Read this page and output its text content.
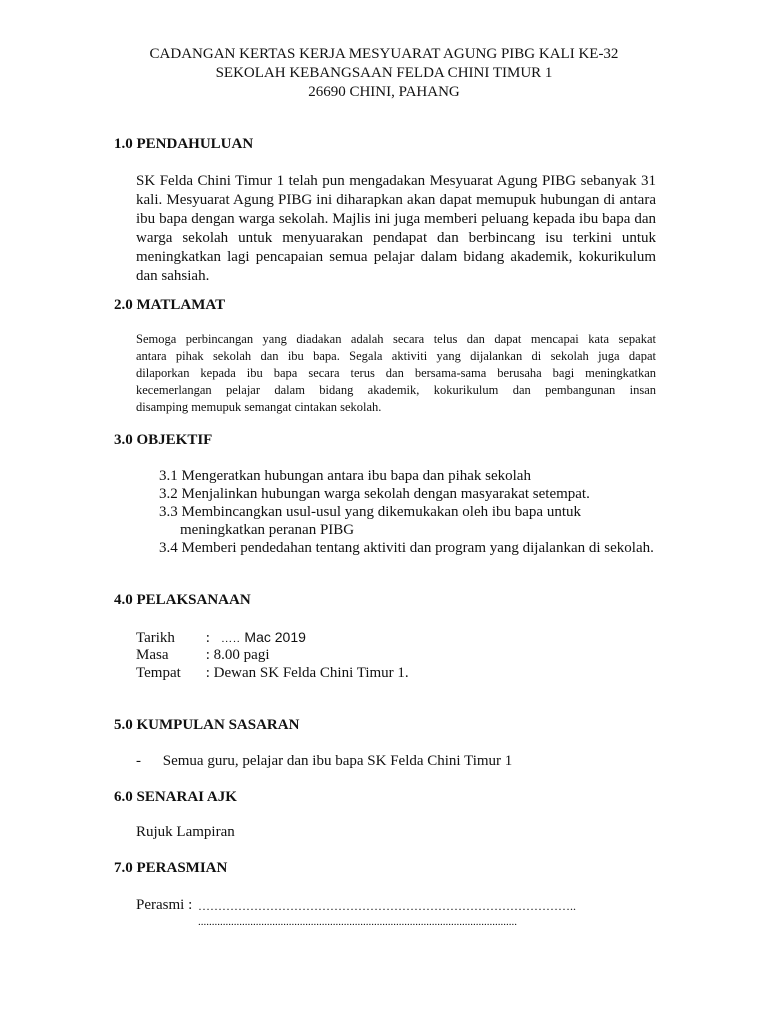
CADANGAN KERTAS KERJA MESYUARAT AGUNG PIBG KALI KE-32
SEKOLAH KEBANGSAAN FELDA CHINI TIMUR 1
26690 CHINI, PAHANG
1.0 PENDAHULUAN
SK Felda Chini Timur 1 telah pun mengadakan Mesyuarat Agung PIBG sebanyak 31
kali. Mesyuarat Agung PIBG ini diharapkan akan dapat memupuk hubungan di antara
ibu bapa dengan warga sekolah. Majlis ini juga memberi peluang kepada ibu bapa dan
warga sekolah untuk menyuarakan pendapat dan berbincang isu terkini untuk
meningkatkan lagi pencapaian semua pelajar dalam bidang akademik, kokurikulum
dan sahsiah.
2.0 MATLAMAT
Semoga perbincangan yang diadakan adalah secara telus dan dapat mencapai kata sepakat
antara pihak sekolah dan ibu bapa. Segala aktiviti yang dijalankan di sekolah juga dapat
dilaporkan kepada ibu bapa secara terus dan bersama-sama berusaha bagi meningkatkan
kecemerlangan pelajar dalam bidang akademik, kokurikulum dan pembangunan insan
disamping memupuk semangat cintakan sekolah.
3.0 OBJEKTIF
3.1 Mengeratkan hubungan antara ibu bapa dan pihak sekolah
3.2 Menjalinkan hubungan warga sekolah dengan masyarakat setempat.
3.3 Membincangkan usul-usul yang dikemukakan oleh ibu bapa untuk
meningkatkan peranan PIBG
3.4 Memberi pendedahan tentang aktiviti dan program yang dijalankan di sekolah.
4.0 PELAKSANAAN
Tarikh : ….. Mac 2019
Masa : 8.00 pagi
Tempat : Dewan SK Felda Chini Timur 1.
5.0 KUMPULAN SASARAN
- Semua guru, pelajar dan ibu bapa SK Felda Chini Timur 1
6.0 SENARAI AJK
Rujuk Lampiran
7.0 PERASMIAN
Perasmi : …………………………………………………………………………………..
....................................................................................................................
